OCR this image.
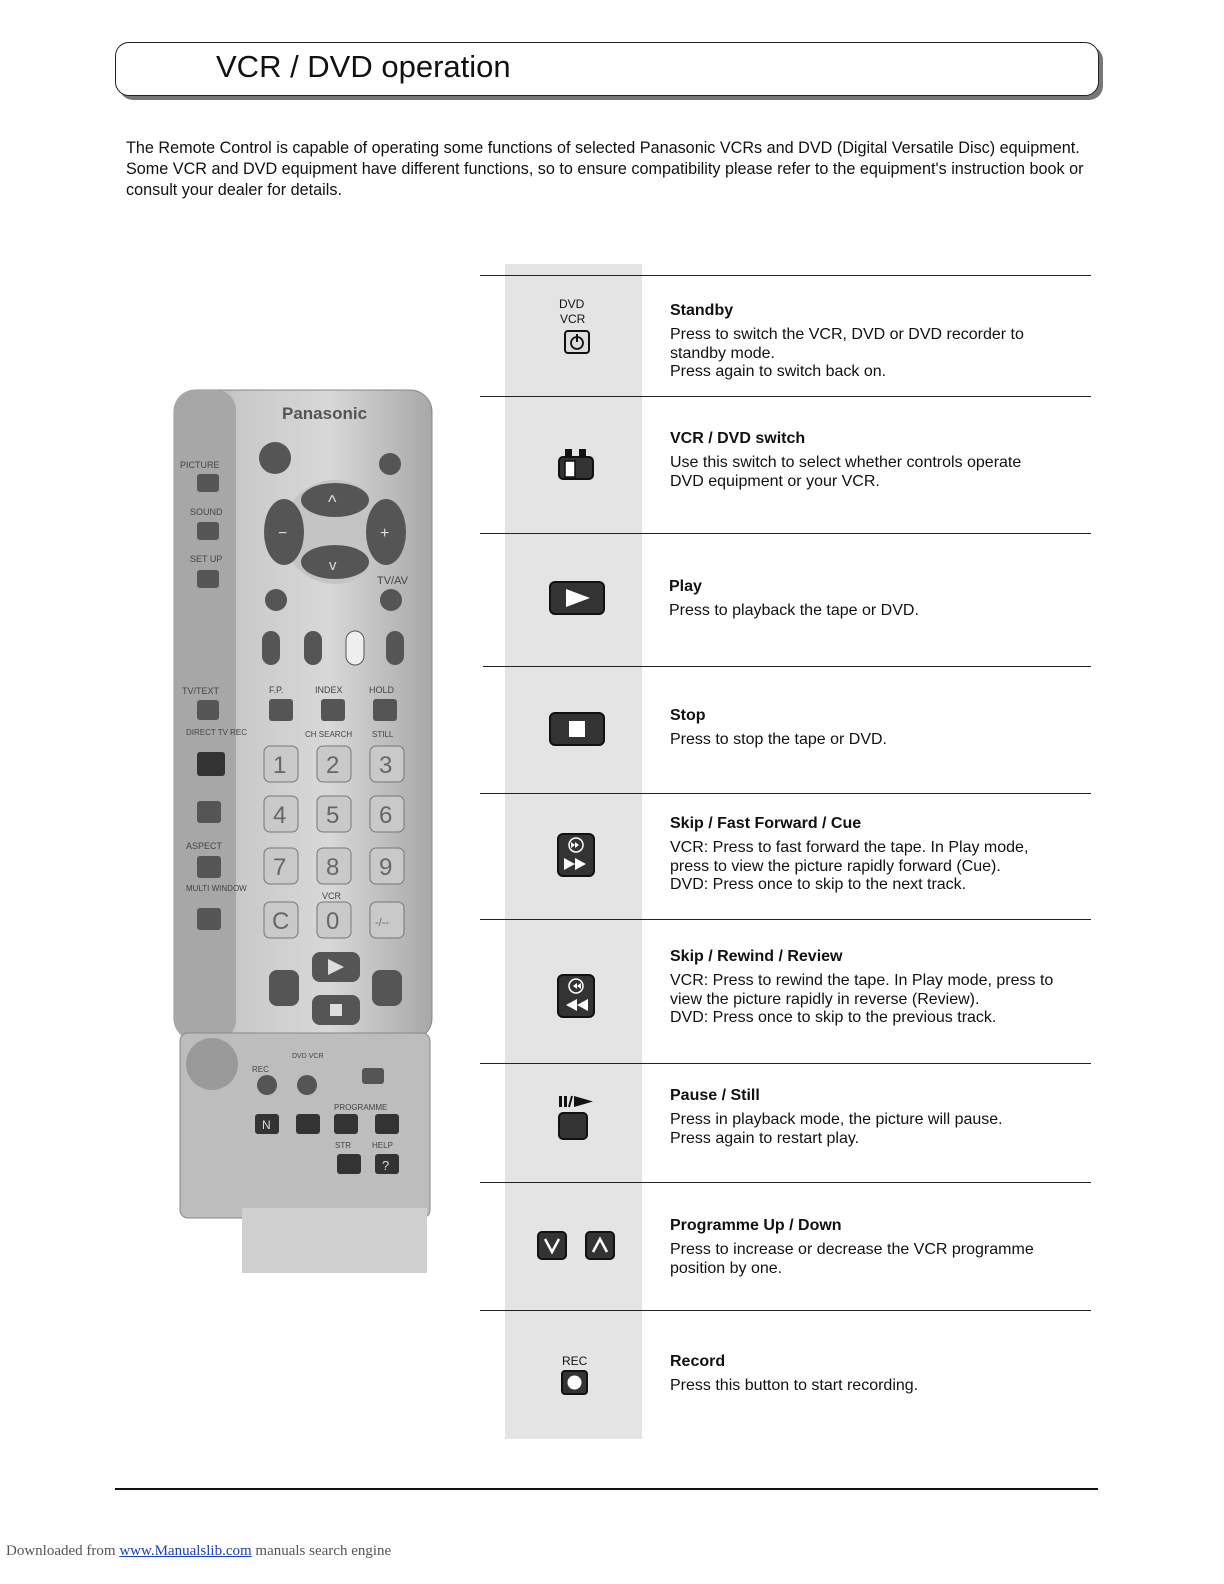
VCR / DVD operation
The Remote Control is capable of operating some functions of selected Panasonic VCRs and DVD (Digital Versatile Disc) equipment. Some VCR and DVD equipment have different functions, so to ensure compatibility please refer to the equipment's instruction book or consult your dealer for details.
Panasonic
PICTURE
SOUND
SET UP
^
v
−	+
TV/AV
TV/TEXT	F.P.	INDEX	HOLD
CH SEARCH STILL
DIRECT TV REC
ASPECT
MULTI WINDOW
1 2 3
4 5 6
7 8 9
C 0	-/--
VCR
REC
DVD VCR
PROGRAMME
N
STR	HELP
?
DVD
VCR	Standby

Press to switch the VCR, DVD or DVD recorder to
standby mode.
Press again to switch back on.

VCR / DVD switch

Use this switch to select whether controls operate
DVD equipment or your VCR.

Play

Press to playback the tape or DVD.

Stop

Press to stop the tape or DVD.

Skip / Fast Forward / Cue

VCR: Press to fast forward the tape. In Play mode,
press to view the picture rapidly forward (Cue).
DVD: Press once to skip to the next track.

Skip / Rewind / Review

VCR: Press to rewind the tape. In Play mode, press to
view the picture rapidly in reverse (Review).
DVD: Press once to skip to the previous track.

Pause / Still

Press in playback mode, the picture will pause.
Press again to restart play.

Programme Up / Down

Press to increase or decrease the VCR programme
position by one.

REC	Record

Press this button to start recording.

Downloaded from www.Manualslib.com manuals search engine
